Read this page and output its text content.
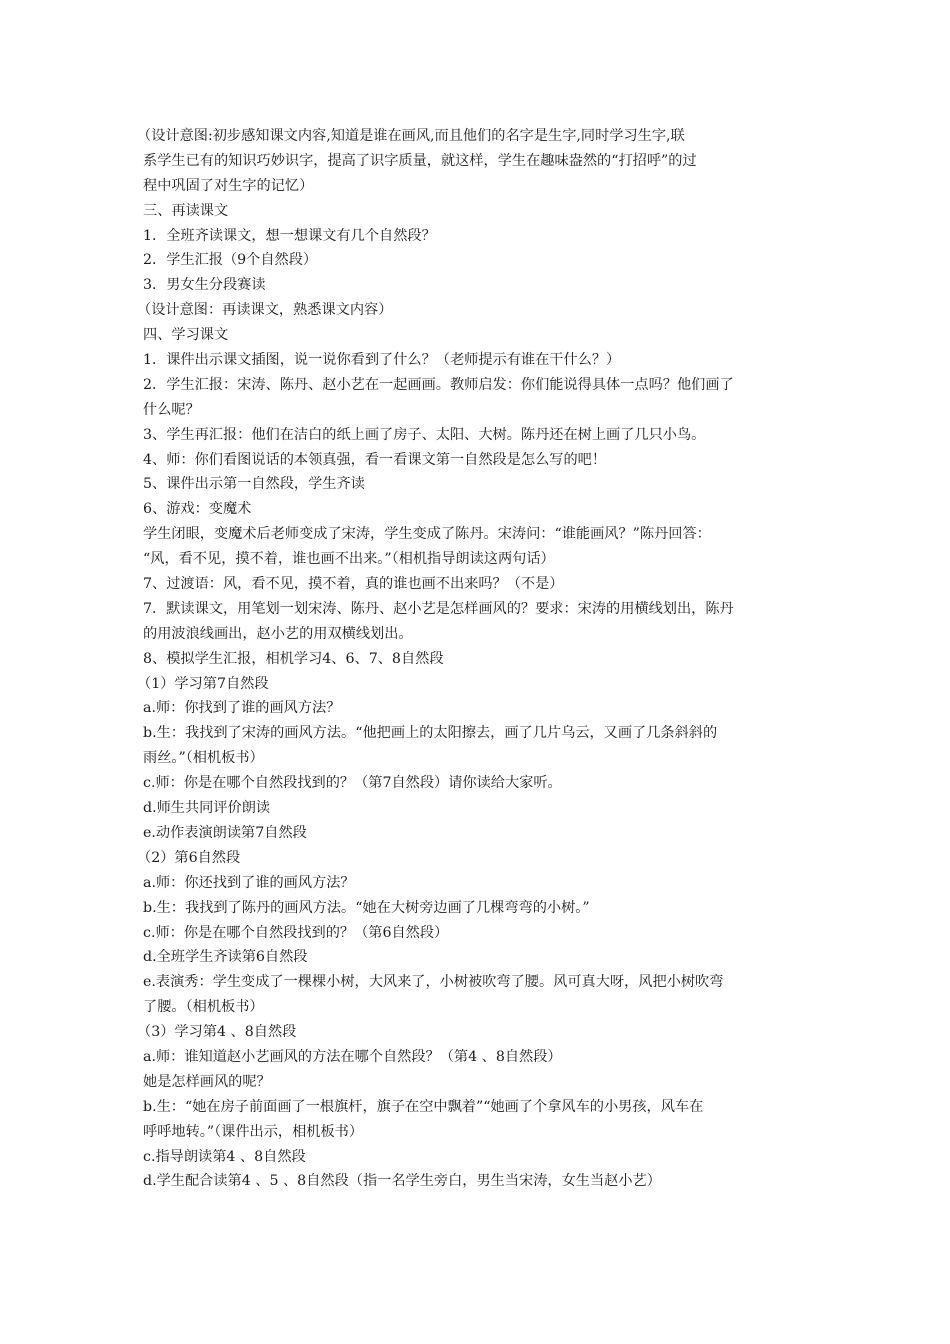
（设计意图:初步感知课文内容,知道是谁在画风,而且他们的名字是生字,同时学习生字,联
系学生已有的知识巧妙识字，提高了识字质量，就这样，学生在趣味盎然的“打招呼”的过
程中巩固了对生字的记忆）
三、再读课文
1．全班齐读课文，想一想课文有几个自然段？
2．学生汇报（9个自然段）
3．男女生分段赛读
（设计意图：再读课文，熟悉课文内容）
四、学习课文
1．课件出示课文插图，说一说你看到了什么？（老师提示有谁在干什么？）
2．学生汇报：宋涛、陈丹、赵小艺在一起画画。教师启发：你们能说得具体一点吗？他们画了
什么呢？
3、学生再汇报：他们在洁白的纸上画了房子、太阳、大树。陈丹还在树上画了几只小鸟。
4、师：你们看图说话的本领真强，看一看课文第一自然段是怎么写的吧！
5、课件出示第一自然段，学生齐读
6、游戏：变魔术
学生闭眼，变魔术后老师变成了宋涛，学生变成了陈丹。宋涛问：“谁能画风？”陈丹回答：
“风，看不见，摸不着，谁也画不出来。”（相机指导朗读这两句话）
7、过渡语：风，看不见，摸不着，真的谁也画不出来吗？（不是）
7．默读课文，用笔划一划宋涛、陈丹、赵小艺是怎样画风的？要求：宋涛的用横线划出，陈丹
的用波浪线画出，赵小艺的用双横线划出。
8、模拟学生汇报，相机学习4、6、7、8自然段
（1）学习第7自然段
a.师：你找到了谁的画风方法？
b.生：我找到了宋涛的画风方法。“他把画上的太阳擦去，画了几片乌云，又画了几条斜斜的
雨丝。”（相机板书）
c.师：你是在哪个自然段找到的？（第7自然段）请你读给大家听。
d.师生共同评价朗读
e.动作表演朗读第7自然段
（2）第6自然段
a.师：你还找到了谁的画风方法？
b.生：我找到了陈丹的画风方法。“她在大树旁边画了几棵弯弯的小树。”
c.师：你是在哪个自然段找到的？（第6自然段）
d.全班学生齐读第6自然段
e.表演秀：学生变成了一棵棵小树，大风来了，小树被吹弯了腰。风可真大呀，风把小树吹弯
了腰。（相机板书）
（3）学习第4 、8自然段
a.师：谁知道赵小艺画风的方法在哪个自然段？（第4 、8自然段）
她是怎样画风的呢？
b.生：“她在房子前面画了一根旗杆，旗子在空中飘着”“她画了个拿风车的小男孩，风车在
呼呼地转。”（课件出示，相机板书）
c.指导朗读第4 、8自然段
d.学生配合读第4 、5 、8自然段（指一名学生旁白，男生当宋涛，女生当赵小艺）
